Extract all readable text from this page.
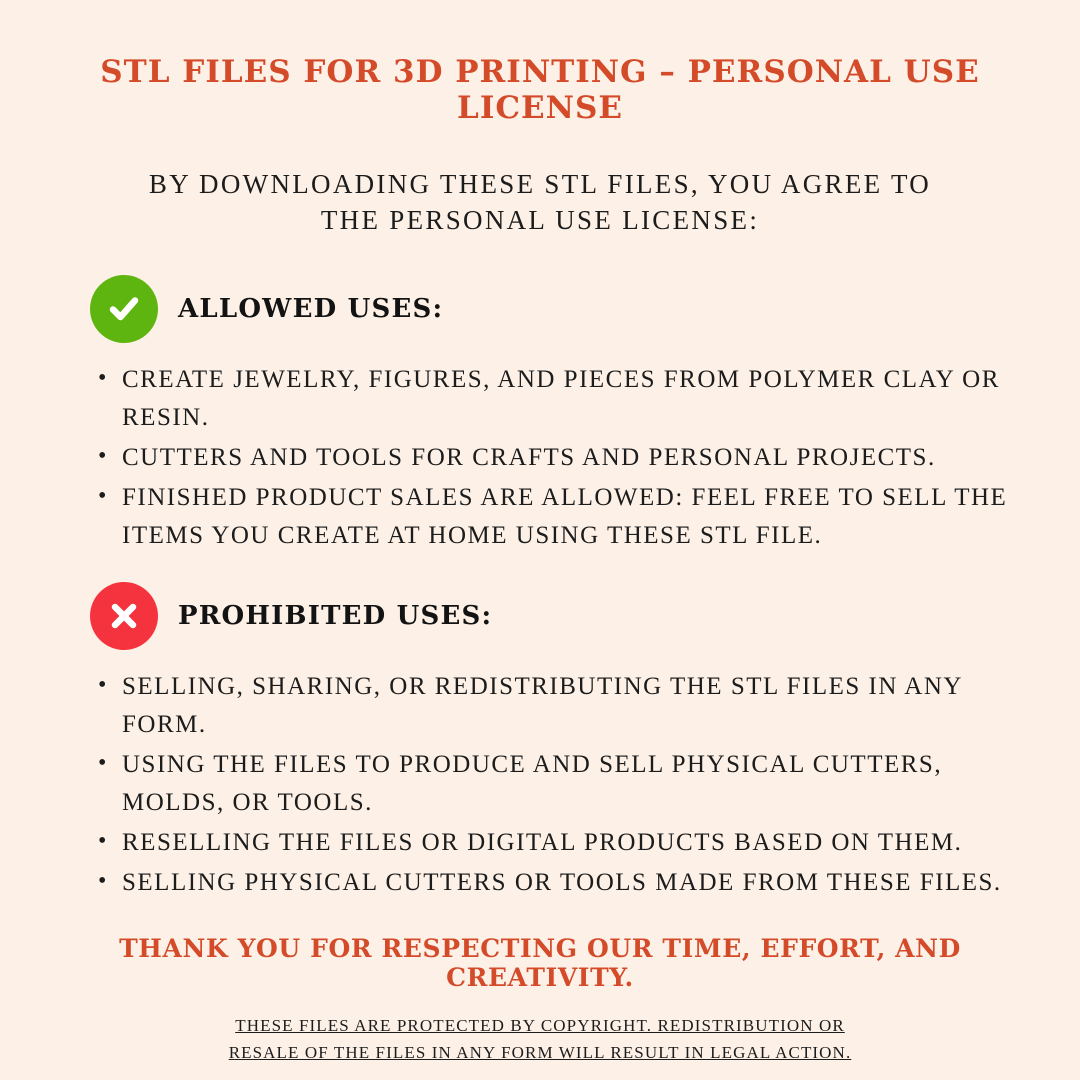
STL FILES FOR 3D PRINTING – PERSONAL USE LICENSE
BY DOWNLOADING THESE STL FILES, YOU AGREE TO
THE PERSONAL USE LICENSE:
ALLOWED USES:
• CREATE JEWELRY, FIGURES, AND PIECES FROM POLYMER CLAY OR RESIN.
• CUTTERS AND TOOLS FOR CRAFTS AND PERSONAL PROJECTS.
• FINISHED PRODUCT SALES ARE ALLOWED: FEEL FREE TO SELL THE ITEMS YOU CREATE AT HOME USING THESE STL FILE.
PROHIBITED USES:
• SELLING, SHARING, OR REDISTRIBUTING THE STL FILES IN ANY FORM.
• USING THE FILES TO PRODUCE AND SELL PHYSICAL CUTTERS, MOLDS, OR TOOLS.
• RESELLING THE FILES OR DIGITAL PRODUCTS BASED ON THEM.
• SELLING PHYSICAL CUTTERS OR TOOLS MADE FROM THESE FILES.
THANK YOU FOR RESPECTING OUR TIME, EFFORT, AND CREATIVITY.
THESE FILES ARE PROTECTED BY COPYRIGHT. REDISTRIBUTION OR
RESALE OF THE FILES IN ANY FORM WILL RESULT IN LEGAL ACTION.
